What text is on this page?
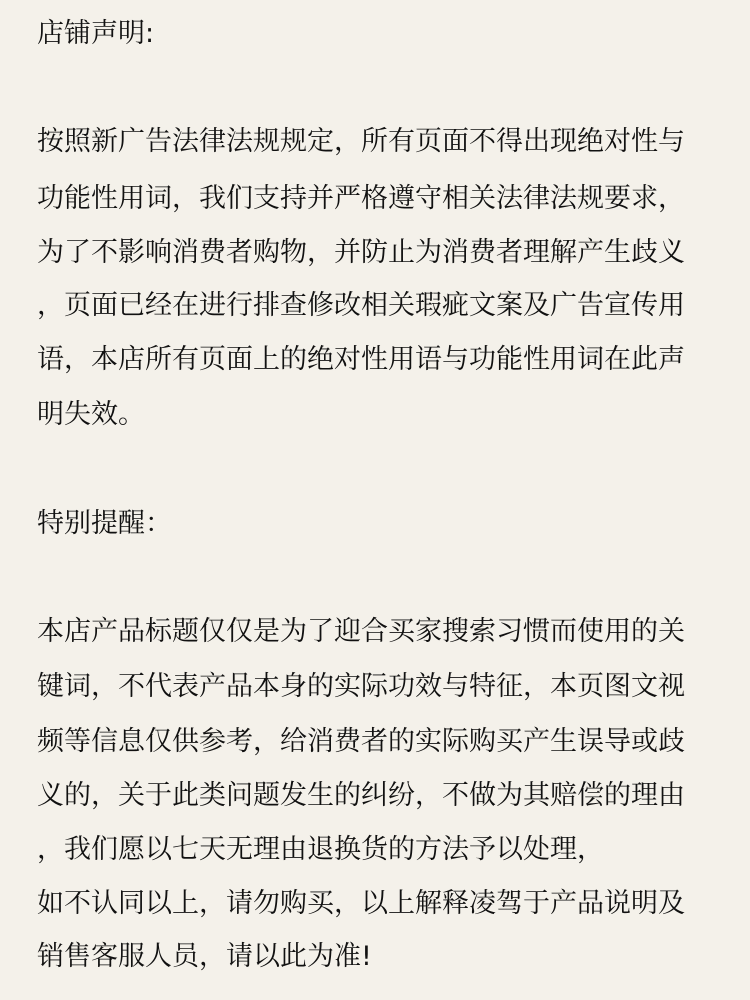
店铺声明:

按照新广告法律法规规定，所有页面不得出现绝对性与

功能性用词，我们支持并严格遵守相关法律法规要求，

为了不影响消费者购物，并防止为消费者理解产生歧义

，页面已经在进行排查修改相关瑕疵文案及广告宣传用

语，本店所有页面上的绝对性用语与功能性用词在此声

明失效。

特别提醒：

本店产品标题仅仅是为了迎合买家搜索习惯而使用的关

键词，不代表产品本身的实际功效与特征，本页图文视

频等信息仅供参考，给消费者的实际购买产生误导或歧

义的，关于此类问题发生的纠纷，不做为其赔偿的理由

，我们愿以七天无理由退换货的方法予以处理，

如不认同以上，请勿购买，以上解释凌驾于产品说明及

销售客服人员，请以此为准!
